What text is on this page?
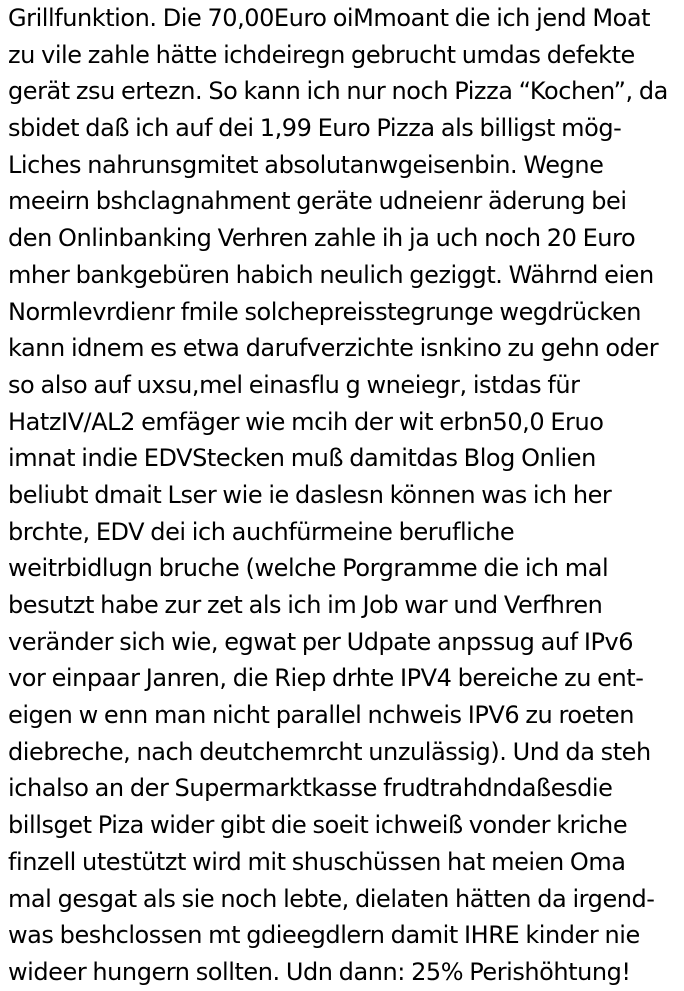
Grillfunktion. Die 70,00Euro oiMmoant die ich jend Moat
zu vile zahle hätte ichdeiregn gebrucht umdas defekte
gerät zsu ertezn. So kann ich nur noch Pizza “Kochen”, da
sbidet daß ich auf dei 1,99 Euro Pizza als billigst mög-
Liches nahrunsgmitet absolutanwgeisenbin. Wegne
meeirn bshclagnahment geräte udneienr äderung bei
den Onlinbanking Verhren zahle ih ja uch noch 20 Euro
mher bankgebüren habich neulich geziggt. Währnd eien
Normlevrdienr fmile solchepreisstegrunge wegdrücken
kann idnem es etwa darufverzichte isnkino zu gehn oder
so also auf uxsu,mel einasflu g wneiegr, istdas für
HatzIV/AL2 emfäger wie mcih der wit erbn50,0 Eruo
imnat indie EDVStecken muß damitdas Blog Onlien
beliubt dmait Lser wie ie daslesn können was ich her
brchte, EDV dei ich auchfürmeine berufliche
weitrbidlugn bruche (welche Porgramme die ich mal
besutzt habe zur zet als ich im Job war und Verfhren
veränder sich wie, egwat per Udpate anpssug auf IPv6
vor einpaar Janren, die Riep drhte IPV4 bereiche zu ent-
eigen w enn man nicht parallel nchweis IPV6 zu roeten
diebreche, nach deutchemrcht unzulässig). Und da steh
ichalso an der Supermarktkasse frudtrahdndaßesdie
billsget Piza wider gibt die soeit ichweiß vonder kriche
finzell utestützt wird mit shuschüssen hat meien Oma
mal gesgat als sie noch lebte, dielaten hätten da irgend-
was beshclossen mt gdieegdlern damit IHRE kinder nie
wideer hungern sollten. Udn dann: 25% Perishöhtung!
